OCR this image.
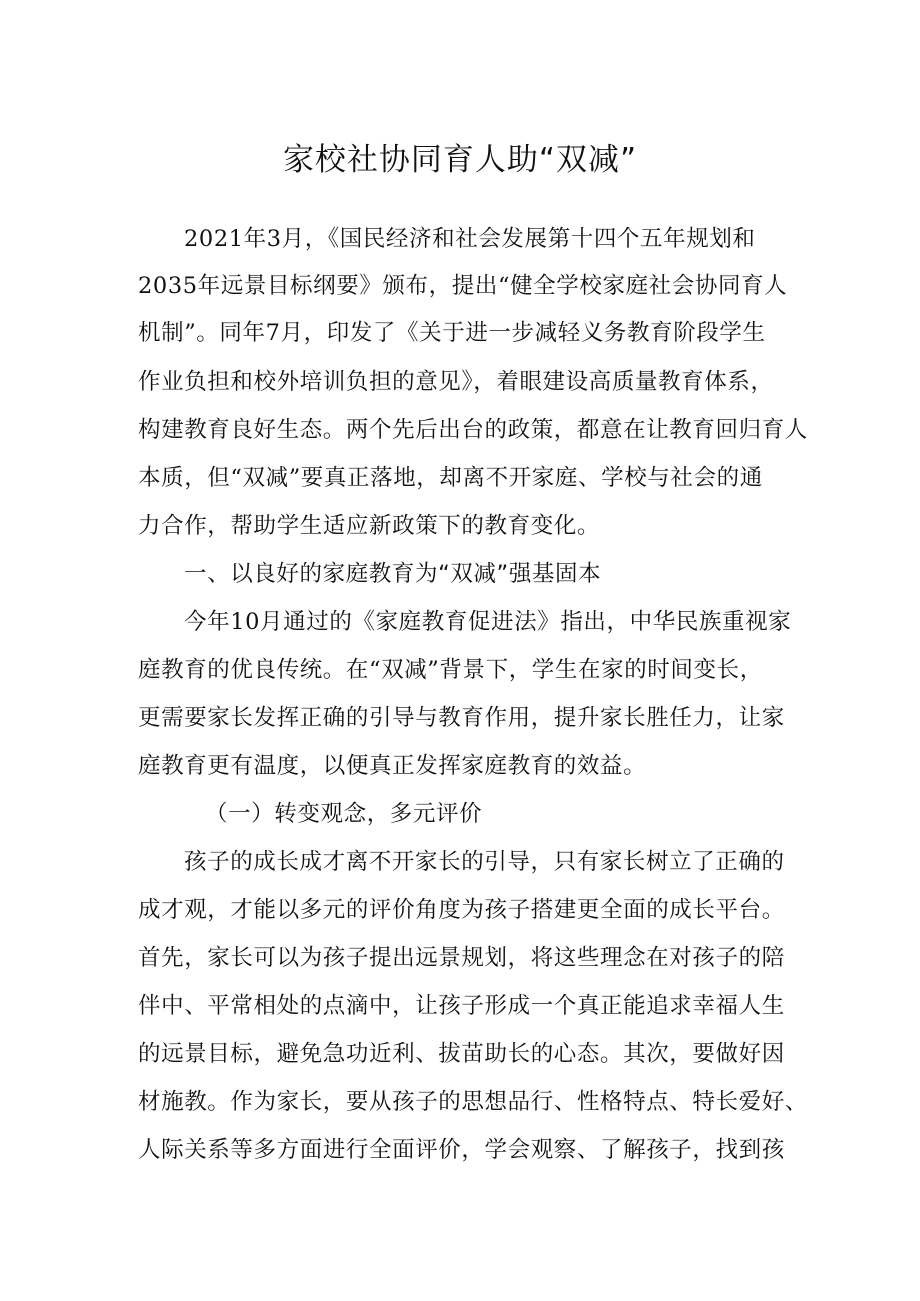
家校社协同育人助“双减”
2021年3月，《国民经济和社会发展第十四个五年规划和
2035年远景目标纲要》颁布，提出“健全学校家庭社会协同育人
机制”。同年7月，印发了《关于进一步减轻义务教育阶段学生
作业负担和校外培训负担的意见》，着眼建设高质量教育体系，
构建教育良好生态。两个先后出台的政策，都意在让教育回归育人
本质，但“双减”要真正落地，却离不开家庭、学校与社会的通
力合作，帮助学生适应新政策下的教育变化。
一、以良好的家庭教育为“双减”强基固本
今年10月通过的《家庭教育促进法》指出，中华民族重视家
庭教育的优良传统。在“双减”背景下，学生在家的时间变长，
更需要家长发挥正确的引导与教育作用，提升家长胜任力，让家
庭教育更有温度，以便真正发挥家庭教育的效益。
（一）转变观念，多元评价
孩子的成长成才离不开家长的引导，只有家长树立了正确的
成才观，才能以多元的评价角度为孩子搭建更全面的成长平台。
首先，家长可以为孩子提出远景规划，将这些理念在对孩子的陪
伴中、平常相处的点滴中，让孩子形成一个真正能追求幸福人生
的远景目标，避免急功近利、拔苗助长的心态。其次，要做好因
材施教。作为家长，要从孩子的思想品行、性格特点、特长爱好、
人际关系等多方面进行全面评价，学会观察、了解孩子，找到孩
